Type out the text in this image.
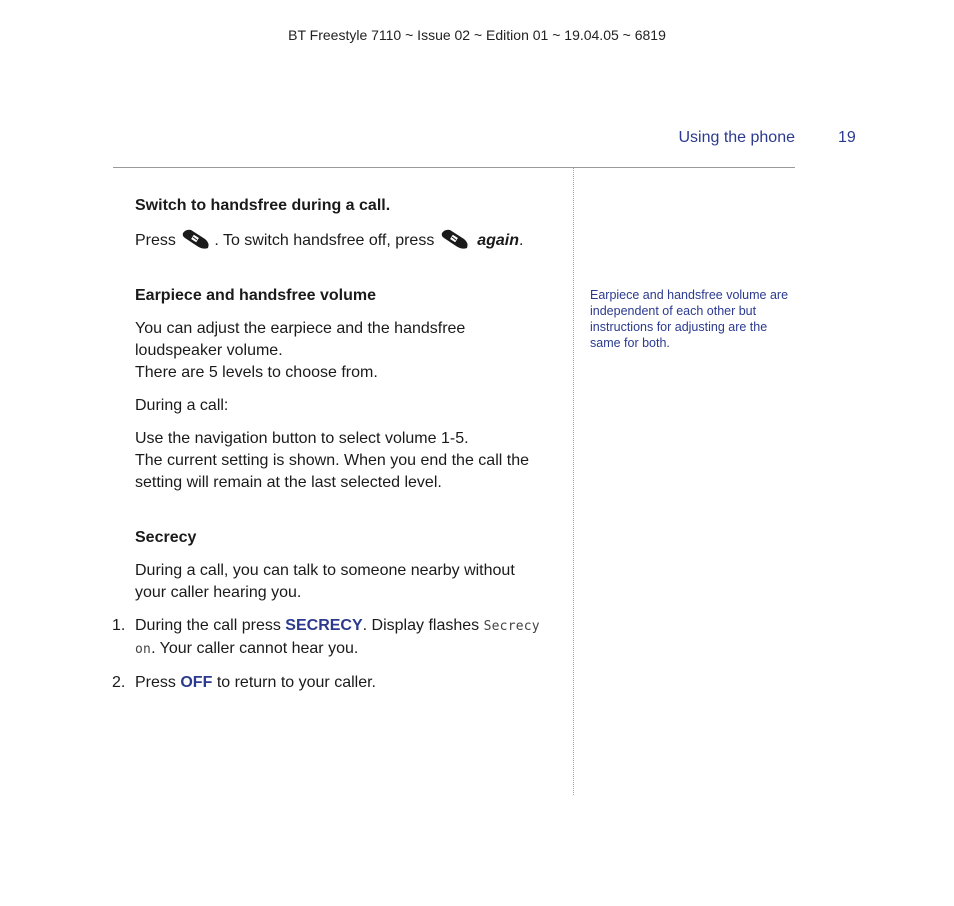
BT Freestyle 7110 ~ Issue 02 ~ Edition 01 ~ 19.04.05 ~ 6819
Using the phone	19
Switch to handsfree during a call.

Press . To switch handsfree off, press	again.

Earpiece and handsfree volume

You can adjust the earpiece and the handsfree
loudspeaker volume.
There are 5 levels to choose from.

During a call:

Use the navigation button to select volume 1-5.
The current setting is shown. When you end the call the
setting will remain at the last selected level.

Secrecy

During a call, you can talk to someone nearby without
your caller hearing you.

1. During the call press SECRECY. Display flashes Secrecy
on. Your caller cannot hear you.
2. Press OFF to return to your caller.
Earpiece and handsfree volume are
independent of each other but
instructions for adjusting are the
same for both.
